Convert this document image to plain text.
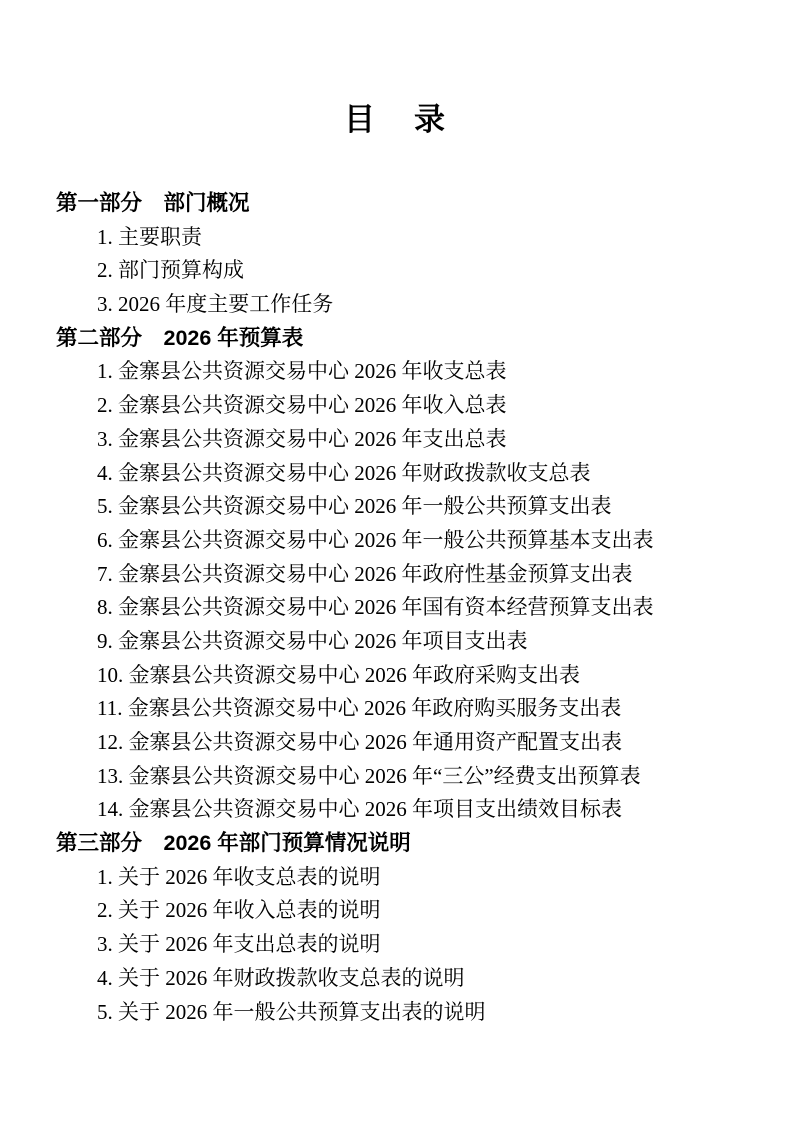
目　录
第一部分　部门概况
1. 主要职责
2. 部门预算构成
3. 2026 年度主要工作任务
第二部分　2026 年预算表
1. 金寨县公共资源交易中心 2026 年收支总表
2. 金寨县公共资源交易中心 2026 年收入总表
3. 金寨县公共资源交易中心 2026 年支出总表
4. 金寨县公共资源交易中心 2026 年财政拨款收支总表
5. 金寨县公共资源交易中心 2026 年一般公共预算支出表
6. 金寨县公共资源交易中心 2026 年一般公共预算基本支出表
7. 金寨县公共资源交易中心 2026 年政府性基金预算支出表
8. 金寨县公共资源交易中心 2026 年国有资本经营预算支出表
9. 金寨县公共资源交易中心 2026 年项目支出表
10. 金寨县公共资源交易中心 2026 年政府采购支出表
11. 金寨县公共资源交易中心 2026 年政府购买服务支出表
12. 金寨县公共资源交易中心 2026 年通用资产配置支出表
13. 金寨县公共资源交易中心 2026 年“三公”经费支出预算表
14. 金寨县公共资源交易中心 2026 年项目支出绩效目标表
第三部分　2026 年部门预算情况说明
1. 关于 2026 年收支总表的说明
2. 关于 2026 年收入总表的说明
3. 关于 2026 年支出总表的说明
4. 关于 2026 年财政拨款收支总表的说明
5. 关于 2026 年一般公共预算支出表的说明
